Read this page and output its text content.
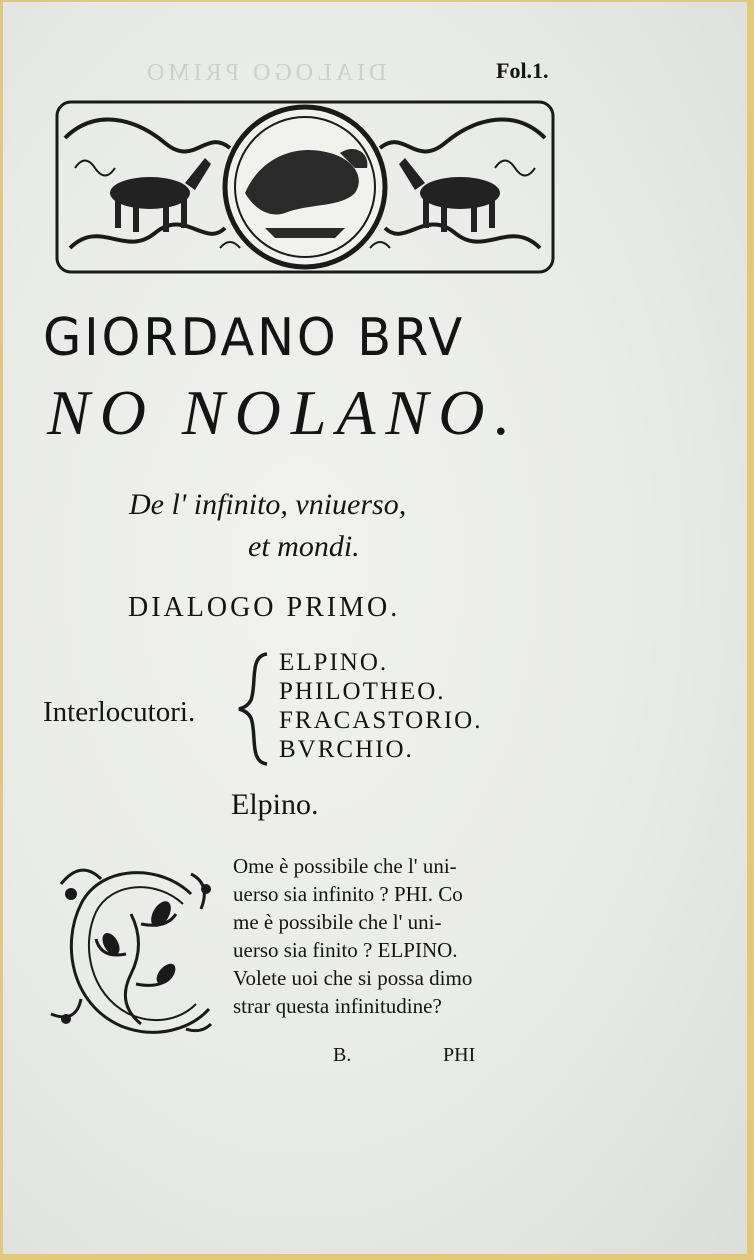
DIALOGO PRIMO	Fol.1.
GIORDANO BRV
NO NOLANO.
De l' infinito, vniuerso,
et mondi.
DIALOGO PRIMO.
Interlocutori.
ELPINO.
PHILOTHEO.
FRACASTORIO.
BVRCHIO.
Elpino.
Ome è possibile che l' uni-
uerso sia infinito ? PHI. Co
me è possibile che l' uni-
uerso sia finito ? ELPINO.
Volete uoi che si possa dimo
strar questa infinitudine?
B.	PHI
